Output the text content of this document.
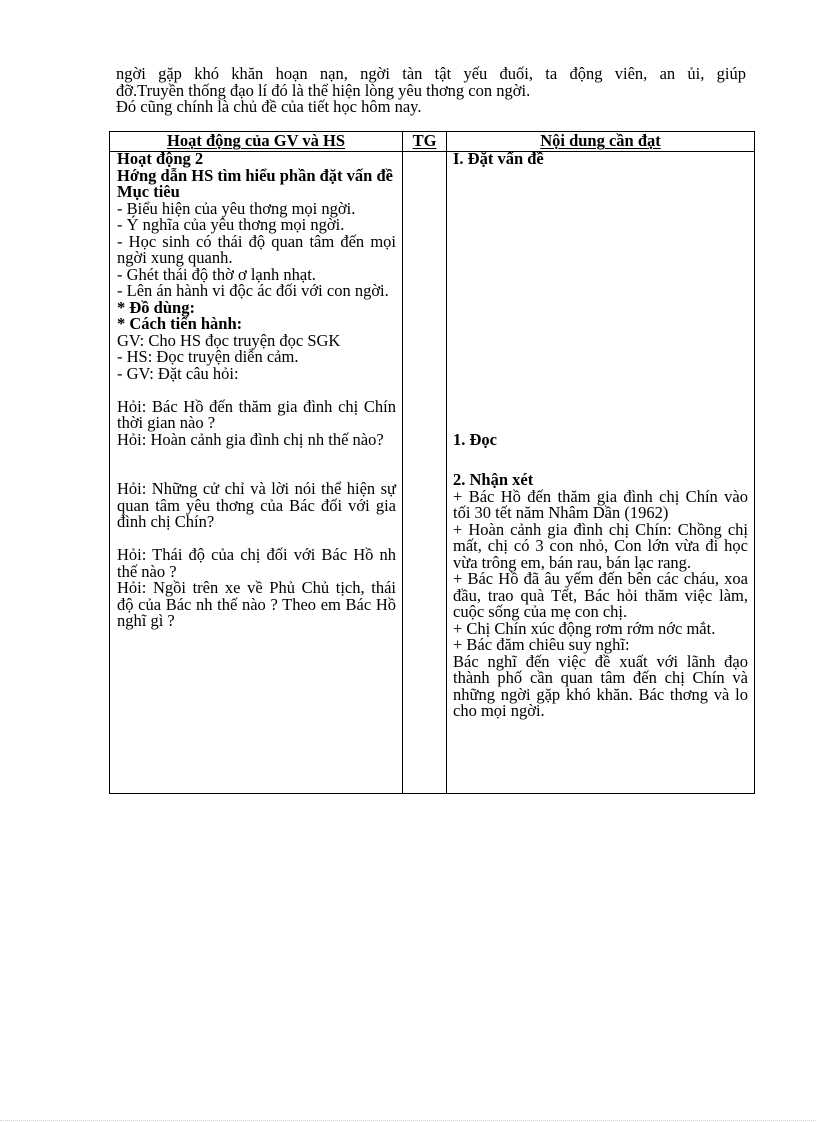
ngời gặp khó khăn hoạn nạn, ngời tàn tật yếu đuối, ta động viên, an ủi, giúp

đỡ.Truyền thống đạo lí đó là thể hiện lòng yêu thơng con ngời.

Đó cũng chính là chủ đề của tiết học hôm nay.

Hoạt động của GV và HS	TG	Nội dung cần đạt

Hoạt động 2

Hớng dẫn HS tìm hiểu phần đặt vấn đề

Mục tiêu

- Biểu hiện của yêu thơng mọi ngời.

- Ý nghĩa của yêu thơng mọi ngời.

- Học sinh có thái độ quan tâm đến mọi ngời xung quanh.

- Ghét thái độ thờ ơ lạnh nhạt.

- Lên án hành vi độc ác đối với con ngời.

* Đồ dùng:

* Cách tiến hành:

GV: Cho HS đọc truyện đọc SGK

- HS: Đọc truyện diễn cảm.

- GV: Đặt câu hỏi:

Hỏi: Bác Hồ đến thăm gia đình chị Chín thời gian nào ?

Hỏi: Hoàn cảnh gia đình chị nh thế nào?

Hỏi: Những cử chỉ và lời nói thể hiện sự quan tâm yêu thơng của Bác đối với gia đình chị Chín?

Hỏi: Thái độ của chị đối với Bác Hồ nh thế nào ?

Hỏi: Ngồi trên xe về Phủ Chủ tịch, thái độ của Bác nh thế nào ? Theo em Bác Hồ nghĩ gì ?

I. Đặt vấn đề

1. Đọc

2. Nhận xét

+ Bác Hồ đến thăm gia đình chị Chín vào tối 30 tết năm Nhâm Dần (1962)

+ Hoàn cảnh gia đình chị Chín: Chồng chị mất, chị có 3 con nhỏ, Con lớn vừa đi học vừa trông em, bán rau, bán lạc rang.

+ Bác Hồ đã âu yếm đến bên các cháu, xoa đầu, trao quà Tết, Bác hỏi thăm việc làm, cuộc sống của mẹ con chị.

+ Chị Chín xúc động rơm rớm nớc mắt.

+ Bác đăm chiêu suy nghĩ:

Bác nghĩ đến việc đề xuất với lãnh đạo thành phố cần quan tâm đến chị Chín và những ngời gặp khó khăn. Bác thơng và lo cho mọi ngời.
